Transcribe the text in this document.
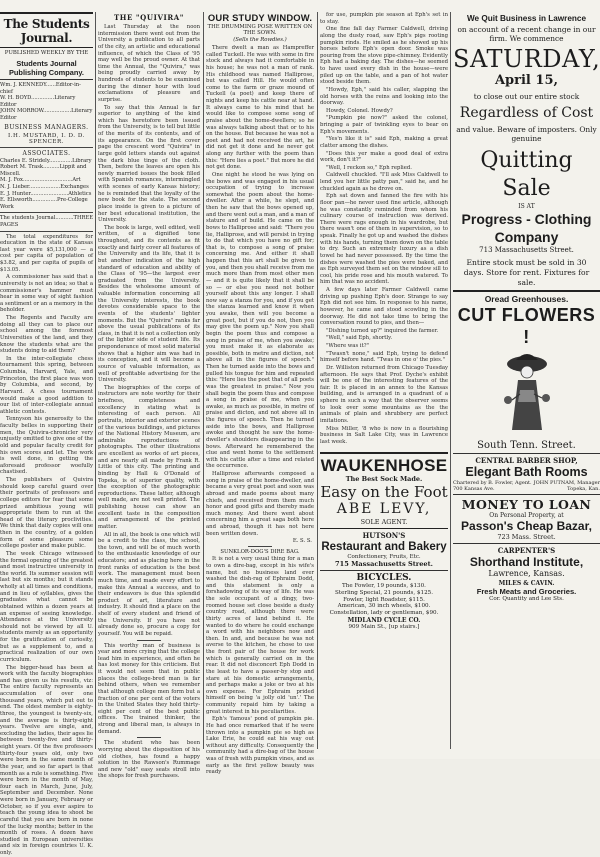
The Students Journal.
PUBLISHED WEEKLY BY THE
Students Journal Publishing Company.

Wm. J. KENNEDY......Editor-in-chief

W. H. BOYD..............Literary Editor

JOHN MORROW.................Literary Editor

BUSINESS MANAGERS.
I.H. MUSTARD, I. D. D. SPENCER.
ASSOCIATES.

Charles E. Stridely..............Library

Robert M. Trask..........Lippit and Miscell.

M. J. Fox..............................Art

N. J. Lieber...................Exchanges

E. J. Hunter.......................Athletics

E. Ellsworth...............Pre-College Work

The students Journal...........THREE PAGES

The total expenditures for education in the state of Kansas last year were $5,131,000 — a cost per capita of population of $3.82, and per capita of pupils of $13.05.

A commissioner has said that a university is not an idea; so that a commissioner's hammer must hear in some way of sight fashion a sentiment or an a memory in the beholder.

The Regents and Faculty are doing all they can to place our school among the foremost Universities of the land, and they know the students what are the students doing to aid them?

In the inter-collegiate chess tournament this spring, between Columbia, Harvard, Yale, and Princeton, the first place was won by Columbia, and second, by Harvard. A chess tournament would make a good addition to our list of inter-collegiate annual athletic contests.

Tennyson his generosity to the faculty belles in supporting their men, the Quivira-chronicler very unjustly omitted to give one of the old and popular faculty credit for his own scores and let. The work is well done, in getting the aforesaid professor woefully chastised.

The publishers of Quivira should keep careful guard over their portraits of professors and college editors for fear that some prized ambitious young will appropriate them to run at the head of the literary proclivities. We think that daily copies will one then in the country, of a golden form of some pleasure some college poster and make public.

The week Chicago witnessed the formal opening of the greatest and most instructive university in the world. Its summer session will last but six months; but it stands wholly at all times and conditions, and in lieu of syllables, gives the graduates what cannot be obtained within a dozen years at an expense of seeing knowledge. Attendance at the University should not be viewed by all U. students merely as an opportunity for the gratification of curiosity, but as a supplement to, and a practical realization of our own curriculum.

The bigger-head has been at work with the faculty biographies and has given us his results, viz: The entire faculty represents an accumulation of over one thousand years, which put out to end. The oldest member is eighty-three, the youngest is twenty-six, and the average is thirty-eight years. Twelve are single, and, excluding the ladies, their ages lie between twenty-five and thirty-eight years. Of the five professors thirty-four years old, only two were born in the same month of the year, and so far apart is that month as a rule is something. Five were born in the month of May, four each in March, June, July, September and December. None were born in January, February or October, so if you ever aspire to teach the young idea to shoot be careful that you are born in none of the lucky months; better in the month of roses. A dozen have studied in European universities and six in foreign countries U. K. only.

THE "QUIVIRA"

Last Thursday at the noon intermission there went out from the University a publication to all parts of the city, an artistic and educational influence, of which the Class of '95 may well be the proud owner. At that time the Annual, the "Quivira," was being proudly carried away by hundreds of students to be examined during the dinner hour with loud exclamations of pleasure and surprise.

To say that this Annual is far superior to anything of the kind which has heretofore been issued from the University, is to tell but little of the merits of its contents, and of its appearance. On the first cover page the crescent word "Quivira" in large gold letters stands out against the dark blue tinge of the cloth. Then, before the leaves are open his newly married issues the book filled with Spanish romances, intermingled with scenes of early Kansas history; he is reminded that the loyalty of the new book for the state. The second place inside is given to a picture of her best educational institution, the University.

The book is large, well edited, well written, of a dignified tone throughout, and its contents as fit exactly and fairly cover all features of the University and its life, that it is but another indication of the high standard of education and ability of the Class of '95—the largest ever graduated from the University. Besides the wholesome amount of valuable information concerning all the University interests, the book devotes considerable space to the events of the students' lighter moments. But the "Quivira" ranks far above the usual publications of its class, in that it is not a collection only of the lighter side of student life. Its preponderance of most solid material shows that a higher aim was had in its conception, and it will become a source of valuable information, as well of profitable advertising for the University.

The biographies of the corps of instructors are note worthy for their briefness, completeness and excellency in stating what is interesting of each person. All portraits, interior and exterior scenes of the various buildings, and pictures of the National History Museum, are admirable reproductions of photographs. The other illustrations are excellent as works of art pieces, and are nearly all made by Frank R. Little of this city. The printing and binding by Hall & O'Donald of Topeka, is of superior quality, with the exception of the photographic reproductions. These latter, although well made, are not well printed. The publishing house can show an excellent taste in the composition and arrangement of the printed matter.

All in all, the book is one which will be a credit to the class, the school, the town, and will be of much worth to the enthusiastic knowledge of our educators; and as placing here in the front ranks of education is the best work. The management must been much time, and made every effort to make this Annual a success, and to their endeavors is due this splendid product of art, literature and industry. It should find a place on the shelf of every student and friend of the University. If you have not already done so, procure a copy for yourself. You will be repaid.

This worthy man of business is year and more crying that the college lead him in experience, and often he has lost money for this criticism. But it would not seem that in public places the college-bred man is far behind others, when we remember that although college men form but a fraction of one per cent of the voters in the United States they hold thirty-eight per cent of the best public offices. The trained thinker, the strong and liberal man, is always in demand.

The student who has been worrying about the disposition of his old clothes, has found a happy solution in the Rawson's Rummage and new "old" easy seats stroll into the shops for fresh purchases.

OUR STUDY WINDOW.
THE DRUMMING POSE WRITTEN ON THE SOWN.
(Sells the Rowdies.)

There dwelt a man as Hampreffer called Tuckell. He was with some in fire stock and always had it comfortable in his house; he was not a man of rank. His childhood was named Halliprose, but was called Hill. He would often come to the farm or graze mound of Tuckell (a poet) and keep there of nights and keep his cattle near at hand. It always came to his mind that he would like to compose some song of praise about the home-dwellers; so he was always talking about that or to his on the house. But because he was not a poet and had not received the art, he did not get it done and he never got along any further with the poem than this: "Here lies a poet." But more he did not get done.

One night he stood he was lying on the bows and was engaged in his usual occupation of trying to increase somewhat the poem about the home-dweller. After a while, he slept, and then he saw that the bows opened up, and there went out a man, and a man of stature and of build. He came on the bows to Halliprose and said: "There you lie, Halliprose, and will persist in trying to do that which you have no gift for; that is, to compose a song of praise concerning me. And either it shall happen that this art shall be given to you, and then you shall receive from me much more than from most other men — and it is quite likely that it shall be so — or else you need not bother yourself about this any longer. I shall now say a stanza for you, and if you get the stanza learned and know it when you awake, then will you become a great poet, but if you do not, then you may give the poem up." Now you shall begin the poem thus and compose a song in praise of me, when you awake; you must make it as elaborate as possible, both in metre and diction, not above all in the figures of speech." Then he turned aside into the bows and pulled his tongue for him and repeated this: "Here lies the poet that of all poets was the greatest in praise." Now you shall begin the poem thus and compose a song in praise of me, when you awake, as much as possible, in metre of praise and dicton, and not above all in the figures of speech. Then he turned aside into the bows, and Halliprose awoke and thought he saw the home-dweller's shoulders disappearing in the bows. Afterward he remembered the clue and went home to the settlement with his cattle after a time and related the occurrence.

Halliprose afterwards composed a song in praise of the home-dweller, and became a very great poet and soon was abroad and made poems about many chiefs, and received from them much honor and good gifts and thereby made much money. And there went about concerning him a great saga both here and abroad, though it has not here been written down.

E. S. S.
SUNKLOR-DOG'S DIRE BAG.

It is not a very usual thing for a man to own a dire-bag, except in his wife's name, but no business land ever washed the dish-rag of Ephraim Dodd, and this statement is only a forshadowing of its way of life. He was the sole occupant of a dingy, two-roomed house set close beside a dusty country road, although there were thirty acres of land behind it. He wanted to do where he could exchange a word with his neighbors now and then. In and, and because he was not averse to the kitchen, he chose to use the front pair of the house for work which is generally carried on in the rear. It did not disconcert Eph Dodd in the least to have a passer-by stop and stare at his domestic arrangements, and perhaps make a joke or two at his own expense. For Ephraim prided himself on being 'a jolly old 'un'.' The community repaid him by taking a great interest in his peculiarities.

Eph's 'famous' pond of pumpkin pie. He had once remarked that if he were thrown into a pumpkin pie so high as Lake Erie, he could eat his way out without any difficulty. Consequently the community had a dire-bag of the house was of fresh with pumpkin vines, and as early as the first yellow beauty was ready

for use, pumpkin pie season at Eph's set in to stay.

One fine fall day Farmer Caldwell, driving along the dusty road, saw Eph's pigs rooting pumpkin rinds. He smiled as he showed up his horses before Eph's open door. Smoke was pouring from the stove pipe-chimney. Evidently Eph had a baking day. The dishes—he seemed to have used every dish in the house—were piled up on the table, and a pan of hot water stood beside them.

"Howdy, Eph," said his caller, slapping the old horses with the reins and looking into the doorway.

Howdy, Colonel. Howdy?

"Pumpkin pie now?" asked the colonel, bringing a pair of twinkling eyes to bear on Eph's movements.

"Yes'n like it is" said Eph, making a great clatter among the dishes.

"Does this yer make a good deal of extra work, don't it?"

"Well, I reckon so," Eph replied.

Caldwell chuckled. "I'll ask Miss Caldwell to lend you her little patty pan," said he, and he chuckled again as he drove on.

Eph sat down and fanned the fire with his floor pan—he never used fine article, although he was constantly reminded from whom his culinary course of instruction was derived. There were rags enough in his wardrobe, but there wasn't one of them in supervision, so to speak. Finally he got up and washed the dishes with his hands, turning them down on the table to dry. Such an extremely luxury as a dish towel he had never possessed. By the time the dishes were washed the pies were baked, and as Eph surveyed them set on the window sill to cool, his pride rose and his mouth watered. To him that was no accident.

A few days later Farmer Caldwell came driving up pushing Eph's door. Strange to say Eph did not see him. In response to his name, however, he came and stood scowling in the doorway. He did not take time to bring the conversation round to pies, and then—

"Dishing turned up?" inquired the farmer.

"Well," said Eph, shortly.

"Where was it?"

"Twasn't none," said Eph, trying to defend himself before hand. "Twas in one o' the pies."

Dr. Williston returned from Chicago Tuesday afternoon. He says that Prof. Dyche's exhibit will be one of the interesting features of the fair. It is placed in an annex to the Kansas building, and is arranged in a quadrant of a sphere in such a way that the observer seems to look over some mountains as the the animals of plain and shrubbery are perfect imitations.

Miss Miller, '8 who is now in a flourishing business in Salt Lake City, was in Lawrence last week.

WAUKENHOSE
The Best Sock Made.
Easy on the Foot
ABE LEVY,
SOLE AGENT.
HUTSON'S
Restaurant and Bakery
Confectionery, Fruits, Etc.
715 Massachusetts Street.
BICYCLES.
The Fowler, 19 pounds, $130.
Sterling Special, 21 pounds, $125.
Fowler, light Roadster, $115.
American, 30 inch wheels, $100.
Constellation, lady or gentleman, $90.
MIDLAND CYCLE CO.
909 Main St., [up stairs.]
We Quit Business in Lawrence
on account of a recent change in our firm. We commence
SATURDAY,
April 15,
to close out our entire stock
Regardless of Cost
and value. Beware of imposters. Only genuine
Quitting Sale
IS AT
Progress - Clothing
Company
713 Massachusetts Street.
Entire stock must be sold in 30 days. Store for rent. Fixtures for sale.
Oread Greenhouses.
CUT FLOWERS !
South Tenn. Street.
CENTRAL BARBER SHOP,
Elegant Bath Rooms
Chartered by B. Fowler, Agent. JOHN PUTNAM, Manager
700 Kansas Ave.	Topeka, Kan.
MONEY TO LOAN
On Personal Property, at
Passon's Cheap Bazar,
723 Mass. Street.
CARPENTER'S
Shorthand Institute,
Lawrence, Kansas.
MILES & CAVIN.
Fresh Meats and Groceries.
Cor. Quantity and Lee Sts.
